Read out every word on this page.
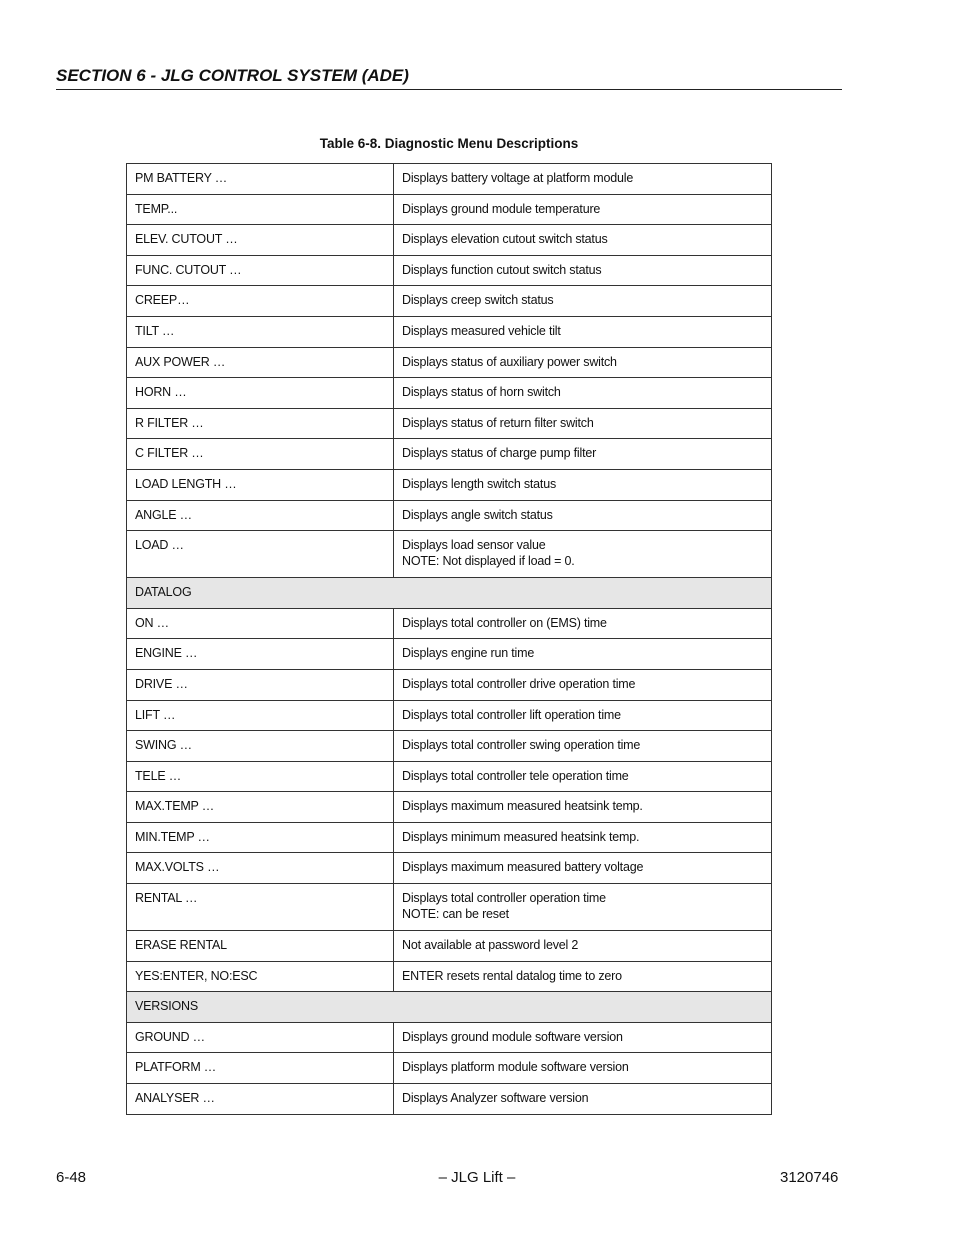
SECTION 6 - JLG CONTROL SYSTEM (ADE)
Table 6-8. Diagnostic Menu Descriptions
PM BATTERY …	Displays battery voltage at platform module
TEMP...	Displays ground module temperature
ELEV. CUTOUT …	Displays elevation cutout switch status
FUNC. CUTOUT …	Displays function cutout switch status
CREEP…	Displays creep switch status
TILT …	Displays measured vehicle tilt
AUX POWER …	Displays status of auxiliary power switch
HORN …	Displays status of horn switch
R FILTER …	Displays status of return filter switch
C FILTER …	Displays status of charge pump filter
LOAD LENGTH …	Displays length switch status
ANGLE …	Displays angle switch status
LOAD …	Displays load sensor value
NOTE: Not displayed if load = 0.
DATALOG	
ON …	Displays total controller on (EMS) time
ENGINE …	Displays engine run time
DRIVE …	Displays total controller drive operation time
LIFT …	Displays total controller lift operation time
SWING …	Displays total controller swing operation time
TELE …	Displays total controller tele operation time
MAX.TEMP …	Displays maximum measured heatsink temp.
MIN.TEMP …	Displays minimum measured heatsink temp.
MAX.VOLTS …	Displays maximum measured battery voltage
RENTAL …	Displays total controller operation time
NOTE: can be reset
ERASE RENTAL	Not available at password level 2
YES:ENTER, NO:ESC	ENTER resets rental datalog time to zero
VERSIONS	
GROUND …	Displays ground module software version
PLATFORM …	Displays platform module software version
ANALYSER …	Displays Analyzer software version
6-48	– JLG Lift –	3120746
